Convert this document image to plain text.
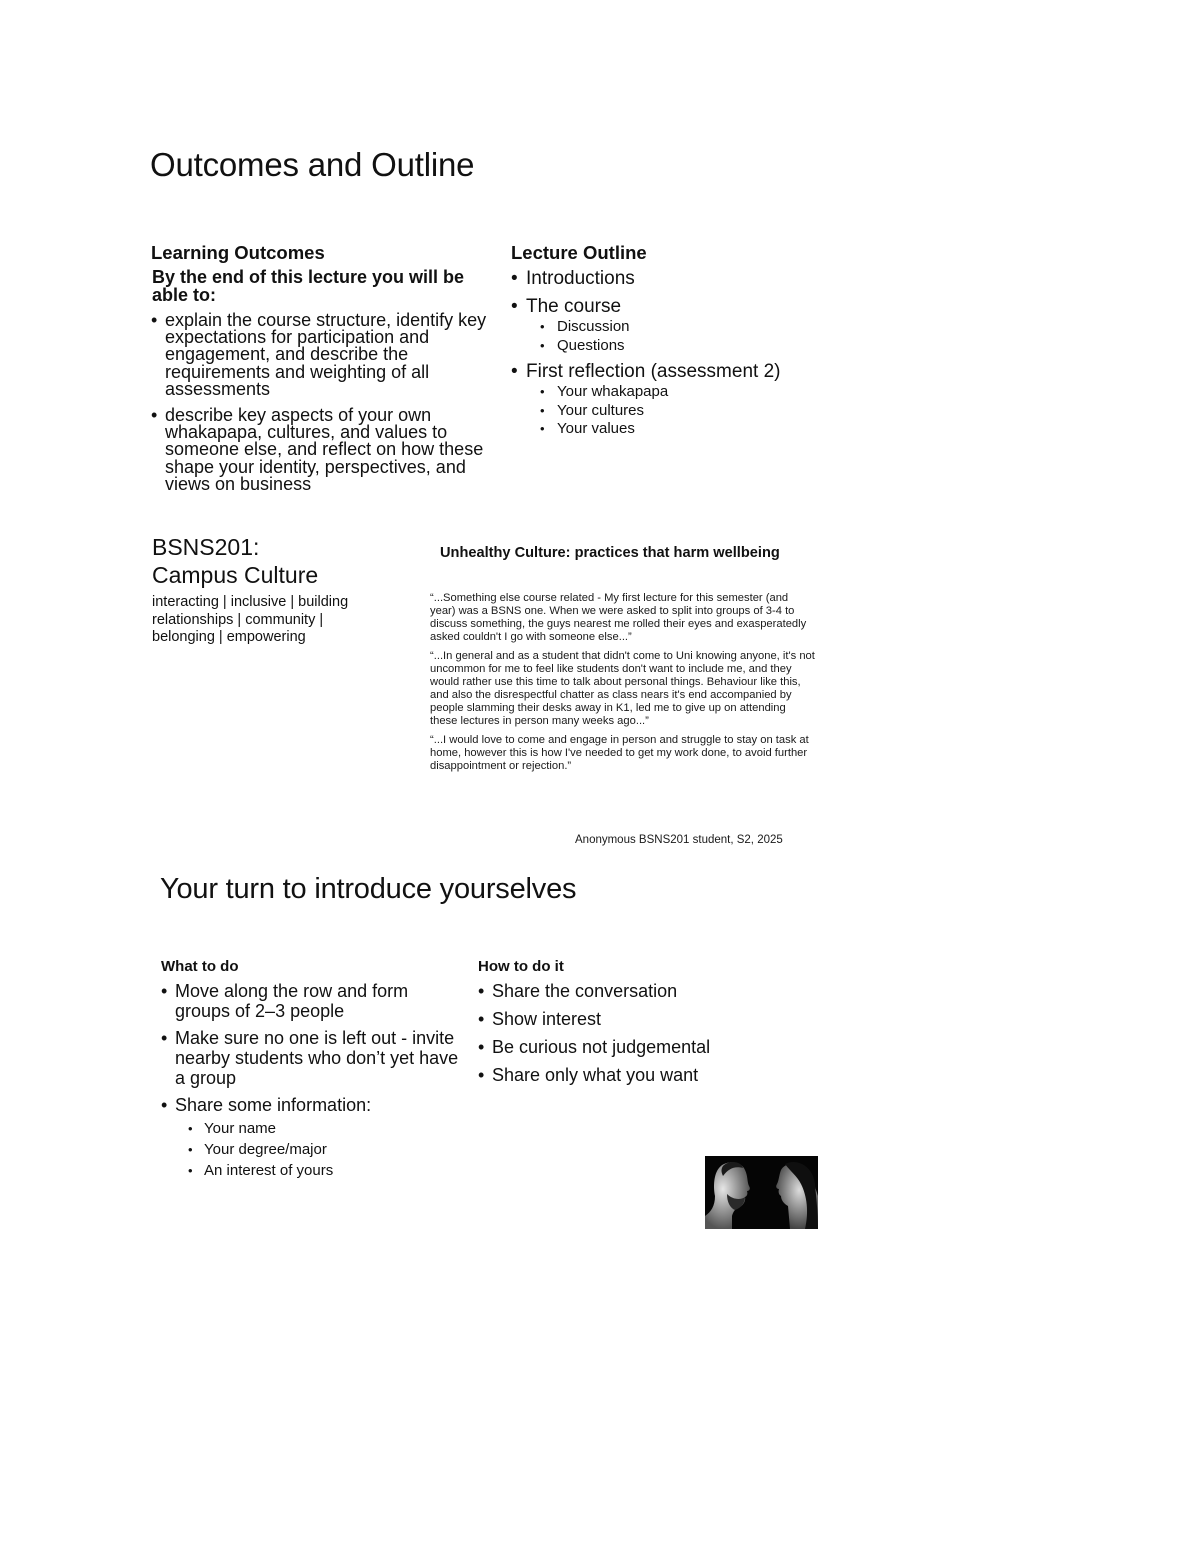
Outcomes and Outline
Learning Outcomes
By the end of this lecture you will be able to:
• explain the course structure, identify key expectations for participation and engagement, and describe the requirements and weighting of all assessments
• describe key aspects of your own whakapapa, cultures, and values to someone else, and reflect on how these shape your identity, perspectives, and views on business
Lecture Outline
• Introductions
• The course
• Discussion
• Questions
• First reflection (assessment 2)
• Your whakapapa
• Your cultures
• Your values
BSNS201:
Campus Culture
interacting | inclusive | building relationships | community | belonging | empowering
Unhealthy Culture: practices that harm wellbeing

“...Something else course related - My first lecture for this semester (and year) was a BSNS one. When we were asked to split into groups of 3-4 to discuss something, the guys nearest me rolled their eyes and exasperatedly asked couldn't I go with someone else...”

“...In general and as a student that didn't come to Uni knowing anyone, it's not uncommon for me to feel like students don't want to include me, and they would rather use this time to talk about personal things. Behaviour like this, and also the disrespectful chatter as class nears it's end accompanied by people slamming their desks away in K1, led me to give up on attending these lectures in person many weeks ago...”

“...I would love to come and engage in person and struggle to stay on task at home, however this is how I've needed to get my work done, to avoid further disappointment or rejection.”

Anonymous BSNS201 student, S2, 2025
Your turn to introduce yourselves
What to do
• Move along the row and form groups of 2–3 people
• Make sure no one is left out - invite nearby students who don’t yet have a group
• Share some information:
• Your name
• Your degree/major
• An interest of yours
How to do it
• Share the conversation
• Show interest
• Be curious not judgemental
• Share only what you want
